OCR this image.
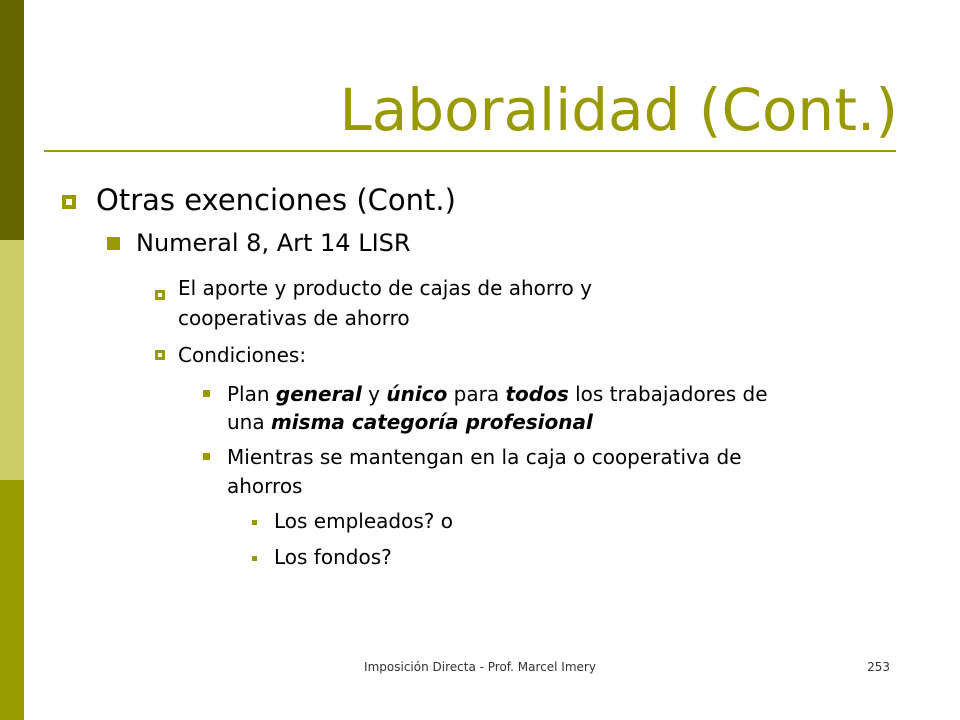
Laboralidad (Cont.)
Otras exenciones (Cont.)
Numeral 8, Art 14 LISR
El aporte y producto de cajas de ahorro y
cooperativas de ahorro
Condiciones:
Plan general y único para todos los trabajadores de
una misma categoría profesional
Mientras se mantengan en la caja o cooperativa de
ahorros
Los empleados? o
Los fondos?
Imposición Directa - Prof. Marcel Imery	253
